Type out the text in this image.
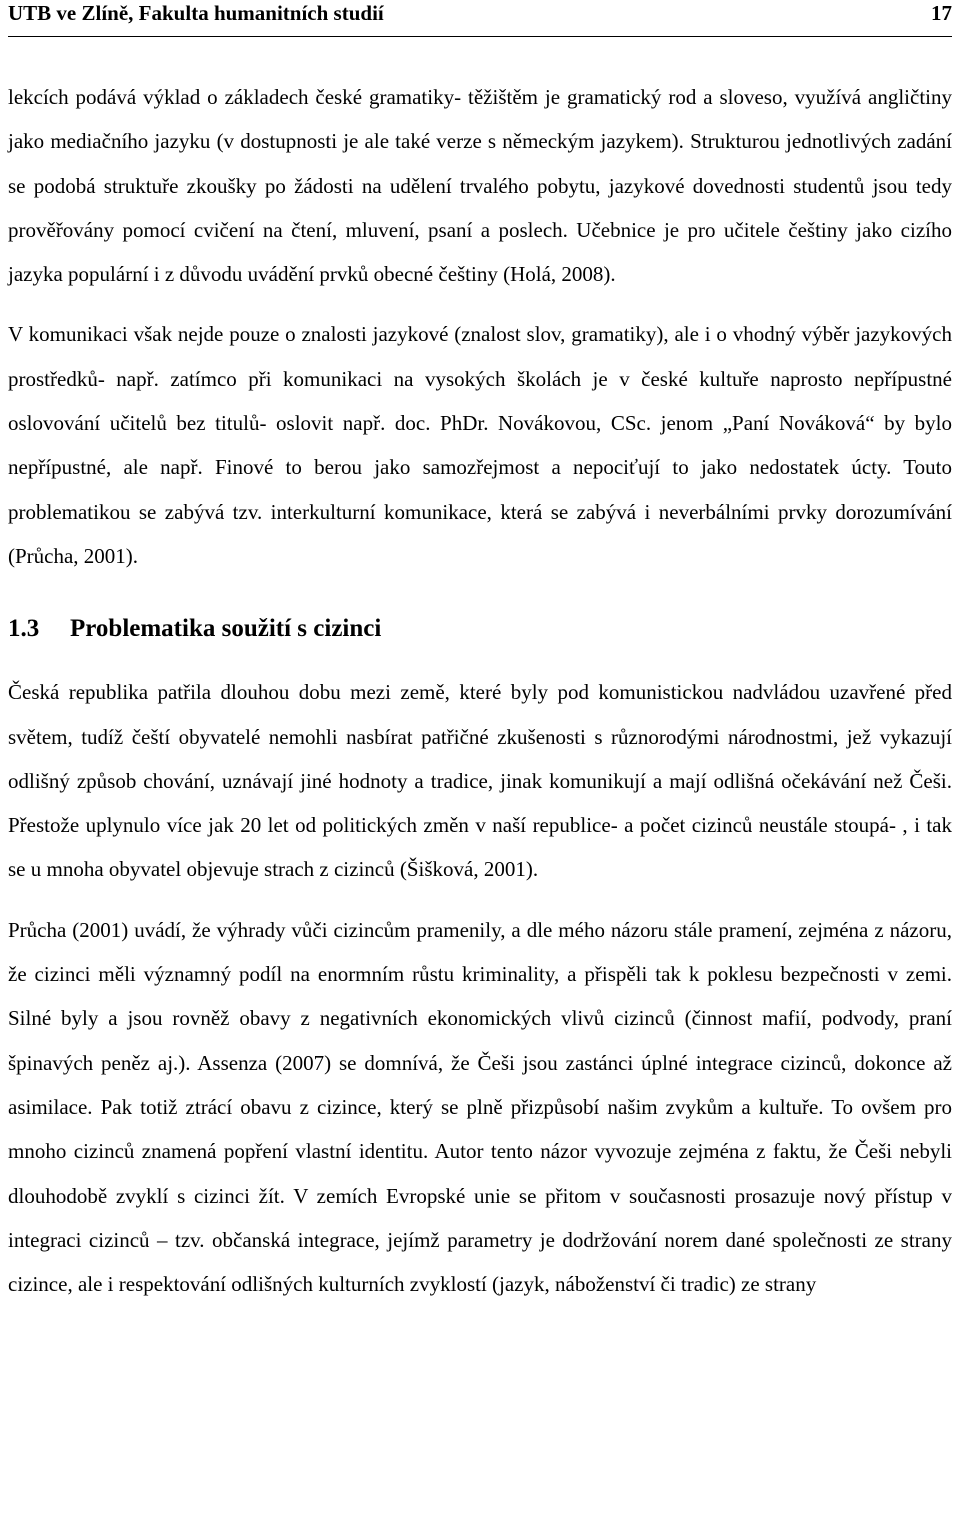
UTB ve Zlíně, Fakulta humanitních studií	17

lekcích podává výklad o základech české gramatiky- těžištěm je gramatický rod a sloveso, využívá angličtiny jako mediačního jazyku (v dostupnosti je ale také verze s německým jazykem). Strukturou jednotlivých zadání se podobá struktuře zkoušky po žádosti na udělení trvalého pobytu, jazykové dovednosti studentů jsou tedy prověřovány pomocí cvičení na čtení, mluvení, psaní a poslech. Učebnice je pro učitele češtiny jako cizího jazyka populární i z důvodu uvádění prvků obecné češtiny (Holá, 2008).

V komunikaci však nejde pouze o znalosti jazykové (znalost slov, gramatiky), ale i o vhodný výběr jazykových prostředků- např. zatímco při komunikaci na vysokých školách je v české kultuře naprosto nepřípustné oslovování učitelů bez titulů- oslovit např. doc. PhDr. Novákovou, CSc. jenom „Paní Nováková“ by bylo nepřípustné, ale např. Finové to berou jako samozřejmost a nepociťují to jako nedostatek úcty. Touto problematikou se zabývá tzv. interkulturní komunikace, která se zabývá i neverbálními prvky dorozumívání (Průcha, 2001).

1.3 Problematika soužití s cizinci

Česká republika patřila dlouhou dobu mezi země, které byly pod komunistickou nadvládou uzavřené před světem, tudíž čeští obyvatelé nemohli nasbírat patřičné zkušenosti s různorodými národnostmi, jež vykazují odlišný způsob chování, uznávají jiné hodnoty a tradice, jinak komunikují a mají odlišná očekávání než Češi. Přestože uplynulo více jak 20 let od politických změn v naší republice- a počet cizinců neustále stoupá- , i tak se u mnoha obyvatel objevuje strach z cizinců (Šišková, 2001).

Průcha (2001) uvádí, že výhrady vůči cizincům pramenily, a dle mého názoru stále pramení, zejména z názoru, že cizinci měli významný podíl na enormním růstu kriminality, a přispěli tak k poklesu bezpečnosti v zemi. Silné byly a jsou rovněž obavy z negativních ekonomických vlivů cizinců (činnost mafií, podvody, praní špinavých peněz aj.). Assenza (2007) se domnívá, že Češi jsou zastánci úplné integrace cizinců, dokonce až asimilace. Pak totiž ztrácí obavu z cizince, který se plně přizpůsobí našim zvykům a kultuře. To ovšem pro mnoho cizinců znamená popření vlastní identitu. Autor tento názor vyvozuje zejména z faktu, že Češi nebyli dlouhodobě zvyklí s cizinci žít. V zemích Evropské unie se přitom v současnosti prosazuje nový přístup v integraci cizinců – tzv. občanská integrace, jejímž parametry je dodržování norem dané společnosti ze strany cizince, ale i respektování odlišných kulturních zvyklostí (jazyk, náboženství či tradic) ze strany
